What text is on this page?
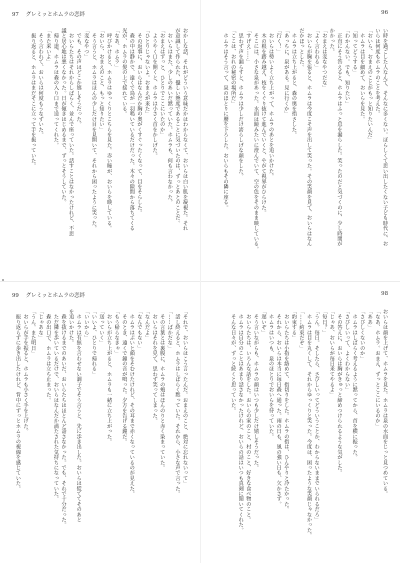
97 グレミッとホムラの恋絆
おかしな話、それがどういう意味だかはわからなくて、おいらは白い肌を凝視た。それ
が意識して作られた、優しい態度であることに気づいたのは、ずっとあとのことだ。
　おいらはまた、少しのあいだ黙っていた。ホムラも、何も言わなかった。
「おまえはずっと、ひとりでここにいたのか」
　ようやく口を開くと、ホムラは小さく首をかしげた。
「ひとりじゃないよ。おまえが来た」
　その返事に、おいらはなんだか胸の奥がくすぐったくなって、目をそらした。
　森の中は静かで、遠くで鳥が一羽鳴いているだけだった。木々の隙間から落ちてくる
光が、ホムラの髪の上で揺れている。
「なあ、ホムラ」
　呼びかけると、ホムラはゆっくりとこちらを見た。赤い瞳が、おいらを映している。
「おいら、おまえのこと、もっと知りたい」
　そう言うと、ホムラはほんの少しだけ目を見開いて、それから困ったように笑った。
「変なやつ」
　でも、その声はどこか嬉しそうだった。
　おいらたちはそれからしばらく、並んで座っていた。話すことはなかったけれど、不思
議と居心地は悪くなかった。日が傾きはじめるまで、ずっとそうしていた。
　帰り道、ホムラは森の入り口まで送ってくれた。
「また来いよ」
　そう言われて、おいらは何度もうなずいた。
　振り返ると、ホムラはまだそこに立って手を振っていた。
96
い時を過ごした人なんて、そんなに多くない。ぼらしくて思い出したくない子ども時代に、お
いらは何度もホムラのことを考えた。
「おいら、おまえのことがもっと知りたいんだ」
　ホムラは目を細めて、おいらを見た。
「知ってどうする」
「わかんない。でも、知りたい」
　正直にそう答えると、ホムラはふっと息を漏らした。笑ったのだと気づくのに、少し時間が
かかった。
「おまえは変なやつだな」
「よく言われる」
　おいらが胸を張ると、ホムラは今度こそ声を出して笑った。その笑顔を見て、おいらはなん
だかほっとした。
　ホムラは立ち上がると、森の奥を指さした。
「あっちに、泉がある。見に行くか」
「行く！」
　おいらは勢いよく立ち上がって、ホムラのあとを追いかけた。
　木の根を踏み越え、枝をくぐり抜けて進んでいくと、やがて視界がひらけた。
　そこには、小さな泉があった。水面は鏡みたいに澄んでいて、空の色をそのまま映している。
「すげえ……」
　思わず声を漏らすと、ホムラは少しだけ誇らしげな顔をした。
「ここは、おれの秘密の場所だ」
　ホムラはそう言って、泉のほとりに腰を下ろした。おいらもその隣に座る。
99 グレミッとホムラの恋絆
「それで、おいらはこう言ったんだ。おまえのこと、絶対に忘れないって」
　話し終えると、ホムラはしばらく黙っていた。それから、小さな声で言った。
「……ばかだな」
　その言葉とは裏腹に、ホムラの頬はほんのりと赤く染まっていた。
　おいらはそれを見て、思わず笑ってしまった。
「なんだよ」
「なんでもない」
　ホムラはぷいと顔をそむけたけれど、その耳まで赤くなっているのが見えた。
　そのとき、遠くで鐘の音が鳴った。夕方を告げる鐘だ。
「もう帰らなきゃ」
　おいらが立ち上がると、ホムラも一緒に立ち上がった。
「送っていく」
「いいよ、ひとりで帰れる」
「いいから」
　ホムラは有無を言わせない調子でそう言うと、先に歩き出した。おいらは慌ててそのあと
を追いかけた。
　森を抜けるまでのあいだ、おいらたちはほとんど話さなかった。でも、それで十分だった。
　ただ隣を歩いているだけで、おいらはなんだか満たされた気持ちになっていた。
　森の出口で、ホムラは立ち止まった。
「じゃあな」
「うん。また明日」
　おいらが手を振ると、ホムラも小さく手を上げた。
　振り返らずに歩き出したけれど、背中にずっとホムラの視線を感じていた。
98
おいらは顔を上げて、ホムラを見た。ホムラは泉の水面をじっと見つめている。
「なあ、ホムラ。おまえ、ずっとここにいるのか」
「ああ」
「さびしくないのか」
　ホムラはしばらく考えるように黙ってから、首を横に振った。
「さびしいって、よくわからない」
　その答えに、おいらは胸がきゅっと締めつけられるような気がした。
「じゃあ、おいらが毎日来てやるよ」
「毎日？」
「うん。毎日。そしたら、さびしいってどういうことか、わからないままでいられるだろ」
　ホムラは目を丸くして、それからゆっくりと笑った。今度は、困ったような笑顔じゃなかった。
「……約束だぞ」
「約束する」
　おいらたちは小指を絡めて、指切りをした。ホムラの指は、ひんやりと冷たかった。
　それから、おいらは本当に毎日森へ通った。雨の日も、風の強い日も、欠かさず。
　ホムラはいつも、泉のほとりでおいらを待っていた。
「遅いぞ」
　そう言いながらも、ホムラの顔はいつも少しだけ嬉しそうだった。
　おいらたちは、いろんな話をした。おいらの家のこと、村のこと、好きな食べ物のこと。
　ホムラは自分のことはあまり話さなかったけれど、おいらの話はいつも真剣に聞いてくれた。
　そんな日々が、ずっと続くと思っていた。
